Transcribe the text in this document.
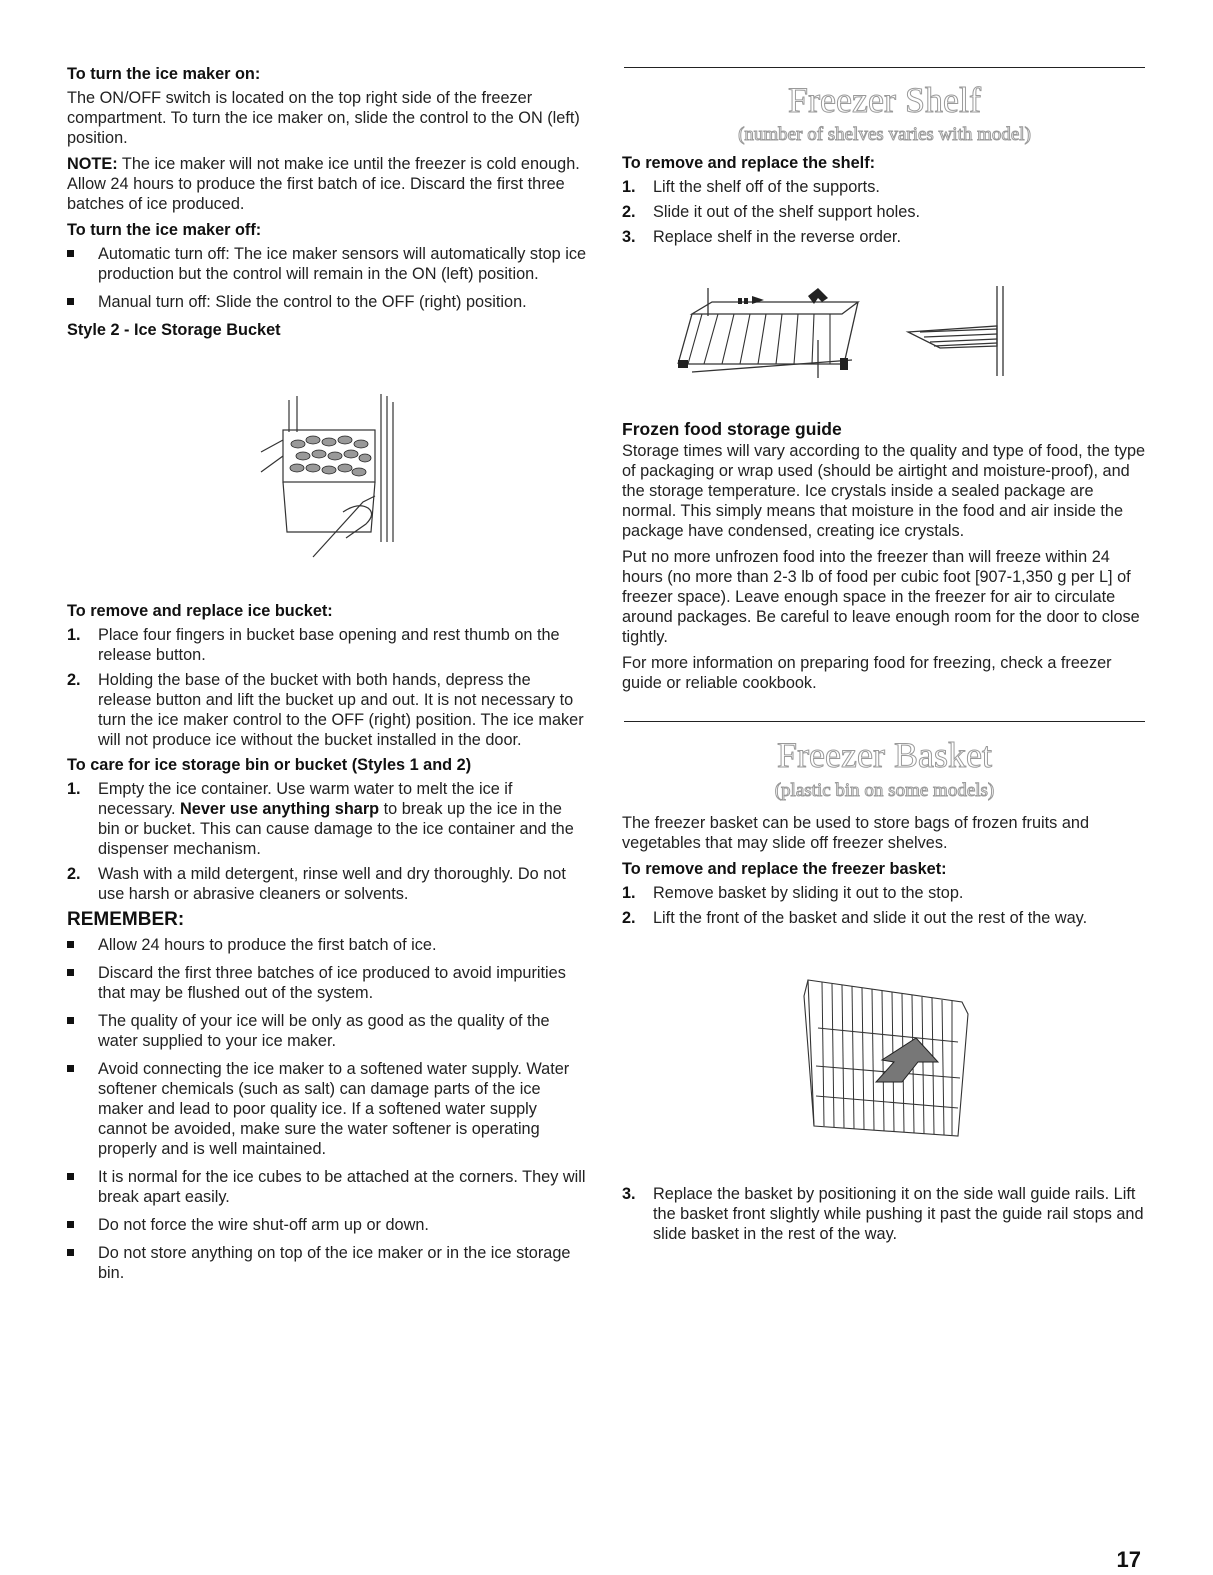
To turn the ice maker on:
The ON/OFF switch is located on the top right side of the freezer compartment. To turn the ice maker on, slide the control to the ON (left) position.
NOTE: The ice maker will not make ice until the freezer is cold enough. Allow 24 hours to produce the first batch of ice. Discard the first three batches of ice produced.
To turn the ice maker off:
Automatic turn off: The ice maker sensors will automatically stop ice production but the control will remain in the ON (left) position.
Manual turn off: Slide the control to the OFF (right) position.
Style 2 - Ice Storage Bucket
To remove and replace ice bucket:
1. Place four fingers in bucket base opening and rest thumb on the release button.
2. Holding the base of the bucket with both hands, depress the release button and lift the bucket up and out. It is not necessary to turn the ice maker control to the OFF (right) position. The ice maker will not produce ice without the bucket installed in the door.
To care for ice storage bin or bucket (Styles 1 and 2)
1. Empty the ice container. Use warm water to melt the ice if necessary. Never use anything sharp to break up the ice in the bin or bucket. This can cause damage to the ice container and the dispenser mechanism.
2. Wash with a mild detergent, rinse well and dry thoroughly. Do not use harsh or abrasive cleaners or solvents.
REMEMBER:
Allow 24 hours to produce the first batch of ice.
Discard the first three batches of ice produced to avoid impurities that may be flushed out of the system.
The quality of your ice will be only as good as the quality of the water supplied to your ice maker.
Avoid connecting the ice maker to a softened water supply. Water softener chemicals (such as salt) can damage parts of the ice maker and lead to poor quality ice. If a softened water supply cannot be avoided, make sure the water softener is operating properly and is well maintained.
It is normal for the ice cubes to be attached at the corners. They will break apart easily.
Do not force the wire shut-off arm up or down.
Do not store anything on top of the ice maker or in the ice storage bin.
Freezer Shelf
(number of shelves varies with model)
To remove and replace the shelf:
1. Lift the shelf off of the supports.
2. Slide it out of the shelf support holes.
3. Replace shelf in the reverse order.
Frozen food storage guide
Storage times will vary according to the quality and type of food, the type of packaging or wrap used (should be airtight and moisture-proof), and the storage temperature. Ice crystals inside a sealed package are normal. This simply means that moisture in the food and air inside the package have condensed, creating ice crystals.
Put no more unfrozen food into the freezer than will freeze within 24 hours (no more than 2-3 lb of food per cubic foot [907-1,350 g per L] of freezer space). Leave enough space in the freezer for air to circulate around packages. Be careful to leave enough room for the door to close tightly.
For more information on preparing food for freezing, check a freezer guide or reliable cookbook.
Freezer Basket
(plastic bin on some models)
The freezer basket can be used to store bags of frozen fruits and vegetables that may slide off freezer shelves.
To remove and replace the freezer basket:
1. Remove basket by sliding it out to the stop.
2. Lift the front of the basket and slide it out the rest of the way.
3. Replace the basket by positioning it on the side wall guide rails. Lift the basket front slightly while pushing it past the guide rail stops and slide basket in the rest of the way.
17
